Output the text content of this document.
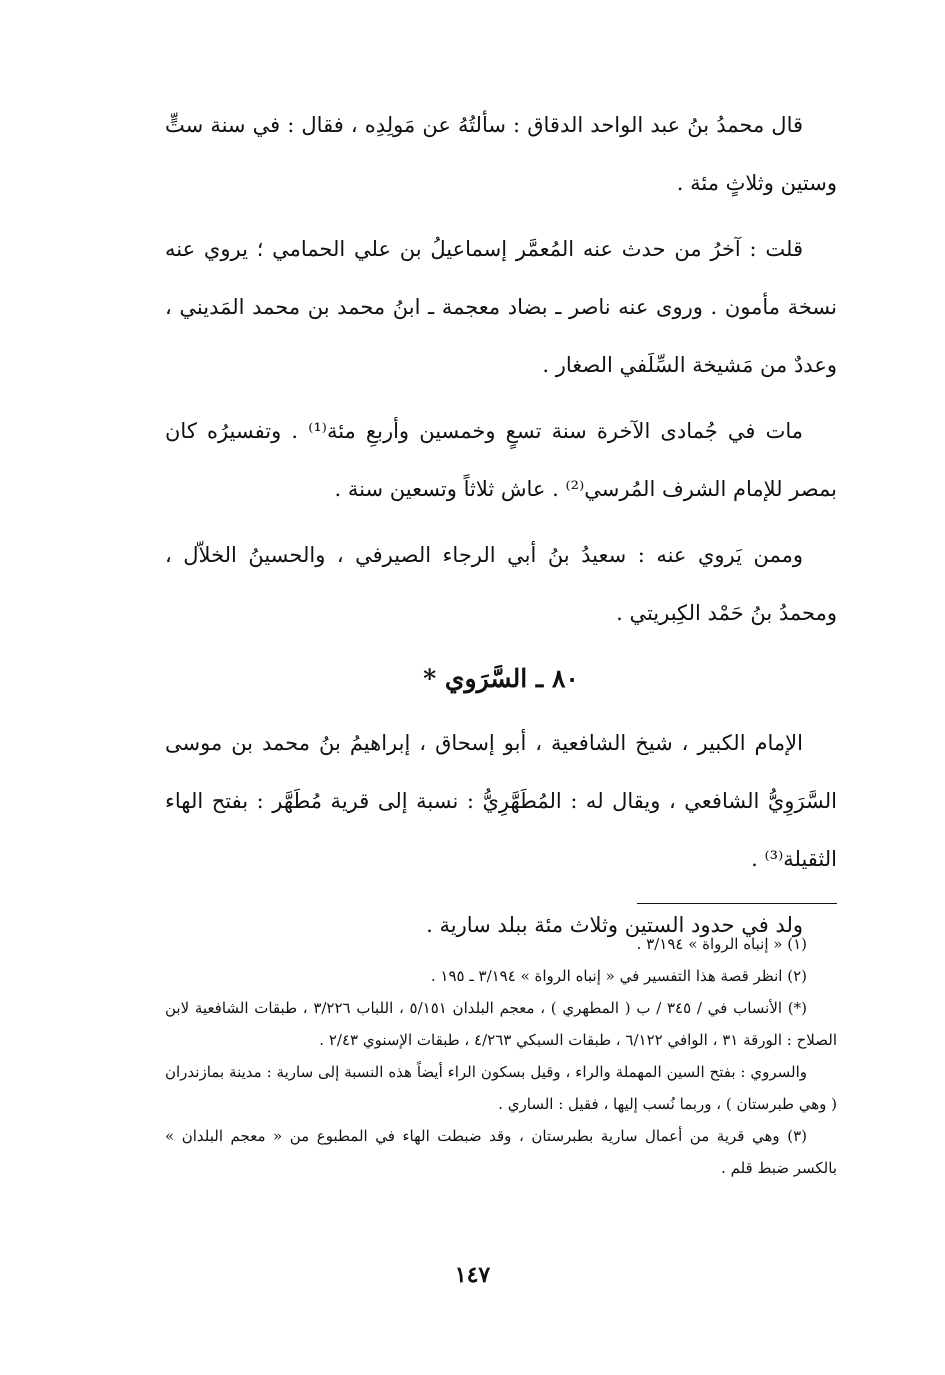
قال محمدُ بنُ عبد الواحد الدقاق : سألتُهُ عن مَولِدِه ، فقال : في سنة ستٍّ وستين وثلاثٍ مئة .

قلت : آخرُ من حدث عنه المُعمَّر إسماعيلُ بن علي الحمامي ؛ يروي عنه نسخة مأمون . وروى عنه ناصر ـ بضاد معجمة ـ ابنُ محمد بن محمد المَديني ، وعددٌ من مَشيخة السِّلَفي الصغار .

مات في جُمادى الآخرة سنة تسعٍ وخمسين وأربعِ مئة⁽¹⁾ . وتفسيرُه كان بمصر للإمام الشرف المُرسي⁽²⁾ . عاش ثلاثاً وتسعين سنة .

وممن يَروي عنه : سعيدُ بنُ أبي الرجاء الصيرفي ، والحسينُ الخلاّل ، ومحمدُ بنُ حَمْد الكِبريتي .

٨٠ ـ السَّرَوي *

الإمام الكبير ، شيخ الشافعية ، أبو إسحاق ، إبراهيمُ بنُ محمد بن موسى السَّرَوِيُّ الشافعي ، ويقال له : المُطَهَّرِيُّ : نسبة إلى قرية مُطَهَّر : بفتح الهاء الثقيلة⁽³⁾ .

ولد في حدود الستين وثلاث مئة ببلد سارية .

(١) « إنباه الرواة » ٣/١٩٤ .

(٢) انظر قصة هذا التفسير في « إنباه الرواة » ٣/١٩٤ ـ ١٩٥ .

(*) الأنساب في / ٣٤٥ / ب ( المطهري ) ، معجم البلدان ٥/١٥١ ، اللباب ٣/٢٢٦ ، طبقات الشافعية لابن الصلاح : الورقة ٣١ ، الوافي ٦/١٢٢ ، طبقات السبكي ٤/٢٦٣ ، طبقات الإسنوي ٢/٤٣ .

والسروي : بفتح السين المهملة والراء ، وقيل بسكون الراء أيضاً هذه النسبة إلى سارية : مدينة بمازندران ( وهي طبرستان ) ، وربما نُسب إليها ، فقيل : الساري .

(٣) وهي قرية من أعمال سارية بطبرستان ، وقد ضبطت الهاء في المطبوع من « معجم البلدان » بالكسر ضبط قلم .

١٤٧
